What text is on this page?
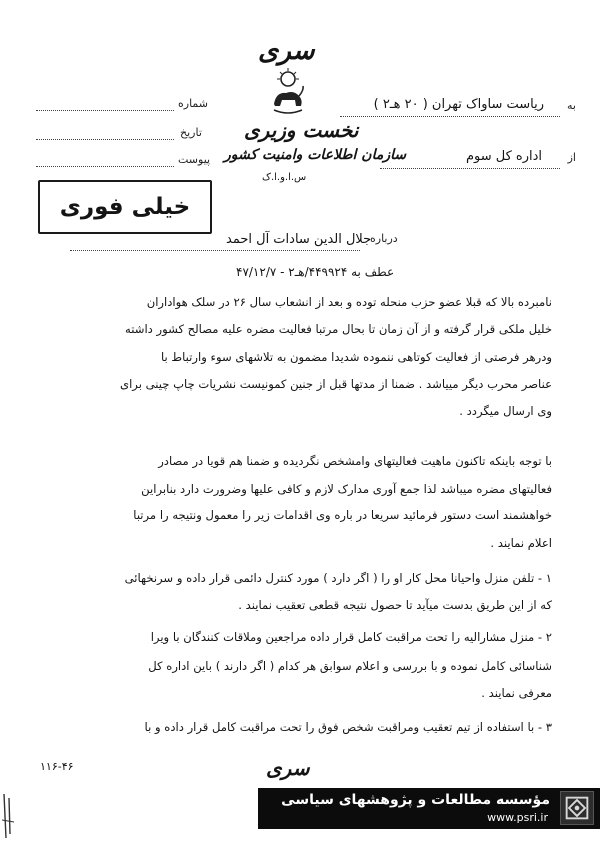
سری
نخست وزیری
سازمان اطلاعات وامنیت کشور
س.ا.و.ا.ک
شماره
تاریخ
پیوست
به
ریاست ساواک تهران ( ۲۰ هـ۲ )
از
اداره کل سوم
خیلی فوری
درباره
جلال الدین سادات آل احمد
عطف به ۴۴۹۹۲۴/هـ۲ - ۴۷/۱۲/۷
نامبرده بالا که قبلا عضو حزب منحله توده و بعد از انشعاب سال ۲۶ در سلک هواداران
خلیل ملکی قرار گرفته و از آن زمان تا بحال مرتبا فعالیت مضره علیه مصالح کشور داشته
ودرهر فرصتی از فعالیت کوتاهی ننموده شدیدا مضمون به تلاشهای سوء وارتباط با
عناصر محرب دیگر مییاشد . ضمنا از مدتها قبل از جنین کمونیست نشریات چاپ چینی برای
وی ارسال میگردد .
با توجه باینکه تاکنون ماهیت فعالیتهای وامشخص نگردیده و ضمنا هم قویا در مصادر
فعالیتهای مضره میباشد لذا جمع آوری مدارک لازم و کافی علیها وضرورت دارد بنابراین
خواهشمند است دستور فرمائید سریعا در باره وی اقدامات زیر را معمول ونتیجه را مرتبا
اعلام نمایند .
۱ - تلفن منزل واحیانا محل کار او را ( اگر دارد ) مورد کنترل دائمی قرار داده و سرنخهائی
که از این طریق بدست میآید تا حصول نتیجه قطعی تعقیب نمایند .
۲ - منزل مشارالیه را تحت مراقبت کامل قرار داده مراجعین وملاقات کنندگان با ویرا
شناسائی کامل نموده و با بررسی و اعلام سوابق هر کدام ( اگر دارند ) باین اداره کل
معرفی نمایند .
۳ - با استفاده از تیم تعقیب ومراقبت شخص فوق را تحت مراقبت کامل قرار داده و با
سری
۱۱۶-۴۶
مؤسسه مطالعات و پژوهشهای سیاسی
www.psri.ir
